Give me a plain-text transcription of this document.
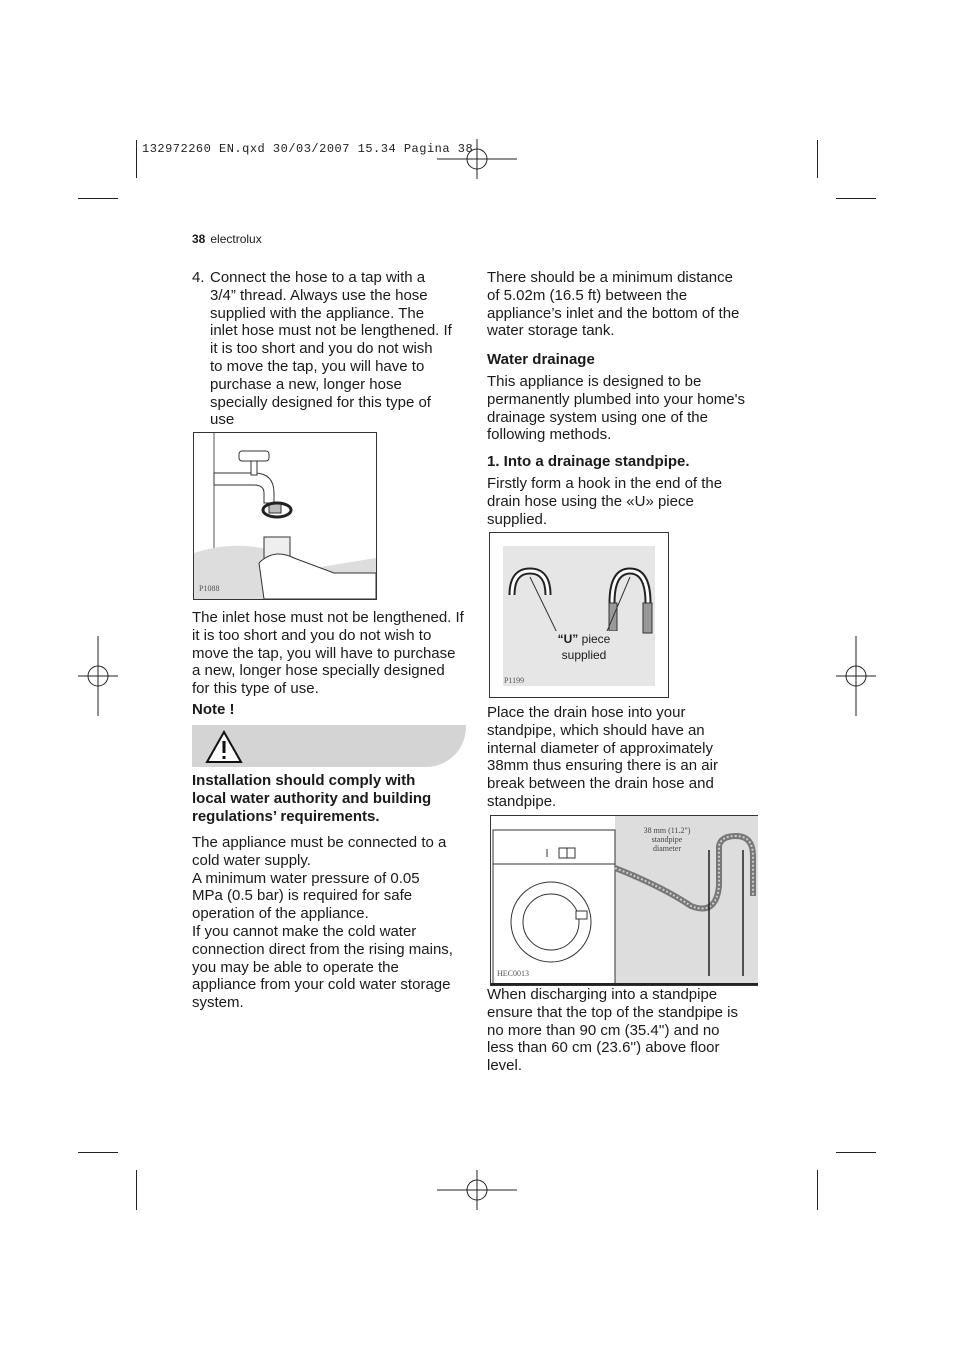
132972260 EN.qxd 30/03/2007 15.34 Pagina 38
38 electrolux
4. Connect the hose to a tap with a
3/4” thread. Always use the hose
supplied with the appliance. The
inlet hose must not be lengthened. If
it is too short and you do not wish
to move the tap, you will have to
purchase a new, longer hose
specially designed for this type of
use
P1088
The inlet hose must not be lengthened. If
it is too short and you do not wish to
move the tap, you will have to purchase
a new, longer hose specially designed
for this type of use.
Note !
Installation should comply with
local water authority and building
regulations’ requirements.
The appliance must be connected to a
cold water supply.
A minimum water pressure of 0.05
MPa (0.5 bar) is required for safe
operation of the appliance.
If you cannot make the cold water
connection direct from the rising mains,
you may be able to operate the
appliance from your cold water storage
system.
There should be a minimum distance
of 5.02m (16.5 ft) between the
appliance’s inlet and the bottom of the
water storage tank.
Water drainage
This appliance is designed to be
permanently plumbed into your home's
drainage system using one of the
following methods.
1. Into a drainage standpipe.
Firstly form a hook in the end of the
drain hose using the «U» piece
supplied.
“U” piece
supplied
P1199
Place the drain hose into your
standpipe, which should have an
internal diameter of approximately
38mm thus ensuring there is an air
break between the drain hose and
standpipe.
38 mm (11.2")
standpipe
diameter
HEC0013
When discharging into a standpipe
ensure that the top of the standpipe is
no more than 90 cm (35.4'') and no
less than 60 cm (23.6'') above floor
level.
